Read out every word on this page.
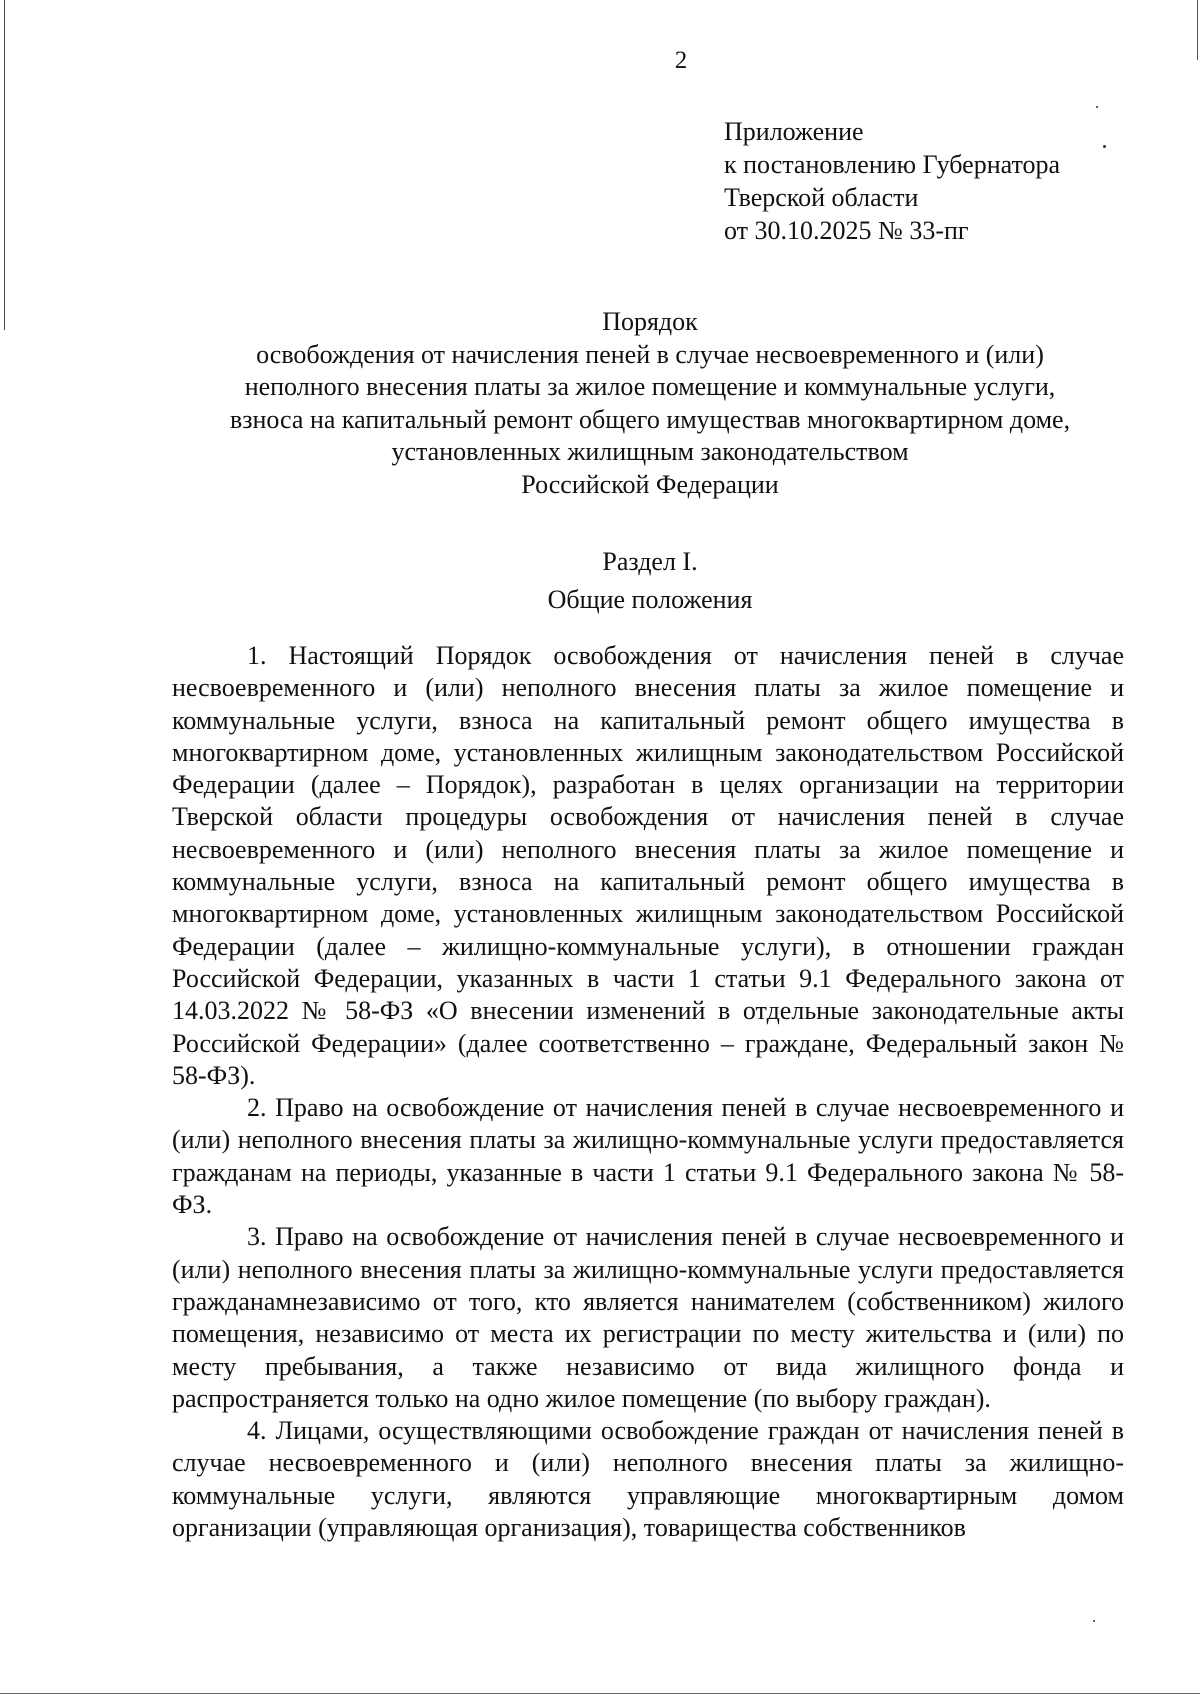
2
Приложение
к постановлению Губернатора
Тверской области
от 30.10.2025 № 33-пг
Порядок
освобождения от начисления пеней в случае несвоевременного и (или)
неполного внесения платы за жилое помещение и коммунальные услуги,
взноса на капитальный ремонт общего имуществав многоквартирном доме,
установленных жилищным законодательством
Российской Федерации
Раздел I.
Общие положения

1. Настоящий Порядок освобождения от начисления пеней в случае несвоевременного и (или) неполного внесения платы за жилое помещение и коммунальные услуги, взноса на капитальный ремонт общего имущества в многоквартирном доме, установленных жилищным законодательством Российской Федерации (далее – Порядок), разработан в целях организации на территории Тверской области процедуры освобождения от начисления пеней в случае несвоевременного и (или) неполного внесения платы за жилое помещение и коммунальные услуги, взноса на капитальный ремонт общего имущества в многоквартирном доме, установленных жилищным законодательством Российской Федерации (далее – жилищно-коммунальные услуги), в отношении граждан Российской Федерации, указанных в части 1 статьи 9.1 Федерального закона от 14.03.2022 № 58-ФЗ «О внесении изменений в отдельные законодательные акты Российской Федерации» (далее соответственно – граждане, Федеральный закон № 58-ФЗ).

2. Право на освобождение от начисления пеней в случае несвоевременного и (или) неполного внесения платы за жилищно-коммунальные услуги предоставляется гражданам на периоды, указанные в части 1 статьи 9.1 Федерального закона № 58-ФЗ.

3. Право на освобождение от начисления пеней в случае несвоевременного и (или) неполного внесения платы за жилищно-коммунальные услуги предоставляется гражданамнезависимо от того, кто является нанимателем (собственником) жилого помещения, независимо от места их регистрации по месту жительства и (или) по месту пребывания, а также независимо от вида жилищного фонда и распространяется только на одно жилое помещение (по выбору граждан).

4. Лицами, осуществляющими освобождение граждан от начисления пеней в случае несвоевременного и (или) неполного внесения платы за жилищно-коммунальные услуги, являются управляющие многоквартирным домом организации (управляющая организация), товарищества собственников
